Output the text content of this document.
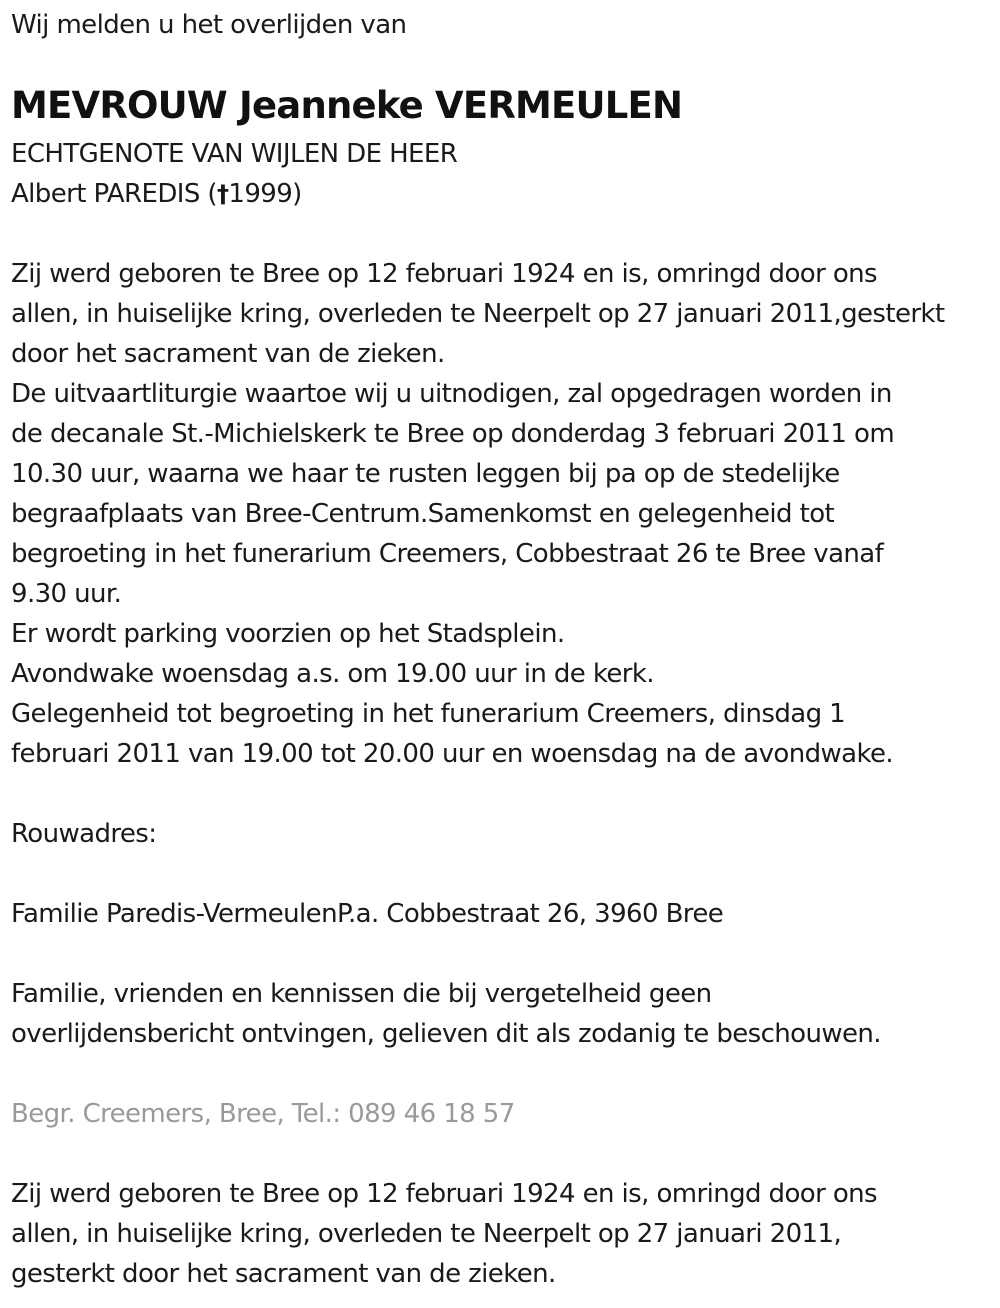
Wij melden u het overlijden van
MEVROUW Jeanneke VERMEULEN
ECHTGENOTE VAN WIJLEN DE HEER
Albert PAREDIS (†1999)
Zij werd geboren te Bree op 12 februari 1924 en is, omringd door ons
allen, in huiselijke kring, overleden te Neerpelt op 27 januari 2011,gesterkt
door het sacrament van de zieken.
De uitvaartliturgie waartoe wij u uitnodigen, zal opgedragen worden in
de decanale St.-Michielskerk te Bree op donderdag 3 februari 2011 om
10.30 uur, waarna we haar te rusten leggen bij pa op de stedelijke
begraafplaats van Bree-Centrum.Samenkomst en gelegenheid tot
begroeting in het funerarium Creemers, Cobbestraat 26 te Bree vanaf
9.30 uur.
Er wordt parking voorzien op het Stadsplein.
Avondwake woensdag a.s. om 19.00 uur in de kerk.
Gelegenheid tot begroeting in het funerarium Creemers, dinsdag 1
februari 2011 van 19.00 tot 20.00 uur en woensdag na de avondwake.
Rouwadres:
Familie Paredis-VermeulenP.a. Cobbestraat 26, 3960 Bree
Familie, vrienden en kennissen die bij vergetelheid geen
overlijdensbericht ontvingen, gelieven dit als zodanig te beschouwen.
Begr. Creemers, Bree, Tel.: 089 46 18 57
Zij werd geboren te Bree op 12 februari 1924 en is, omringd door ons
allen, in huiselijke kring, overleden te Neerpelt op 27 januari 2011,
gesterkt door het sacrament van de zieken.
